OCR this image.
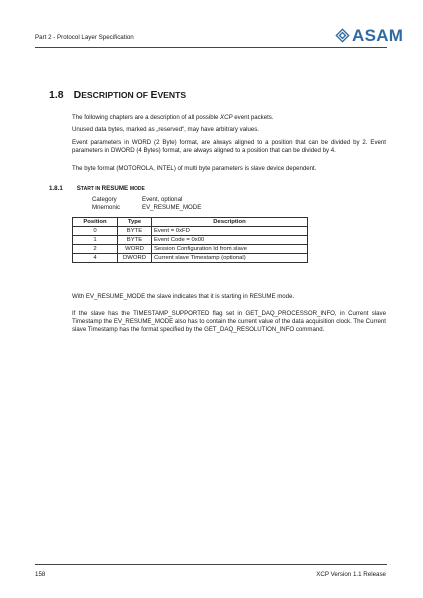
Part 2 - Protocol Layer Specification	ASAM
1.8 DESCRIPTION OF EVENTS
The following chapters are a description of all possible XCP event packets.
Unused data bytes, marked as „reserved“, may have arbitrary values.
Event parameters in WORD (2 Byte) format, are always aligned to a position that can be divided by 2. Event parameters in DWORD (4 Bytes) format, are always aligned to a position that can be divided by 4.
The byte format (MOTOROLA, INTEL) of multi byte parameters is slave device dependent.
1.8.1 START IN RESUME MODE
Category	Event, optional
Mnemonic	EV_RESUME_MODE
Position	Type	Description
0	BYTE	Event = 0xFD
1	BYTE	Event Code = 0x00
2	WORD	Session Configuration Id from slave
4	DWORD	Current slave Timestamp (optional)
With EV_RESUME_MODE the slave indicates that it is starting in RESUME mode.
If the slave has the TIMESTAMP_SUPPORTED flag set in GET_DAQ_PROCESSOR_INFO, in Current slave Timestamp the EV_RESUME_MODE also has to contain the current value of the data acquisition clock. The Current slave Timestamp has the format specified by the GET_DAQ_RESOLUTION_INFO command.
158	XCP Version 1.1 Release
